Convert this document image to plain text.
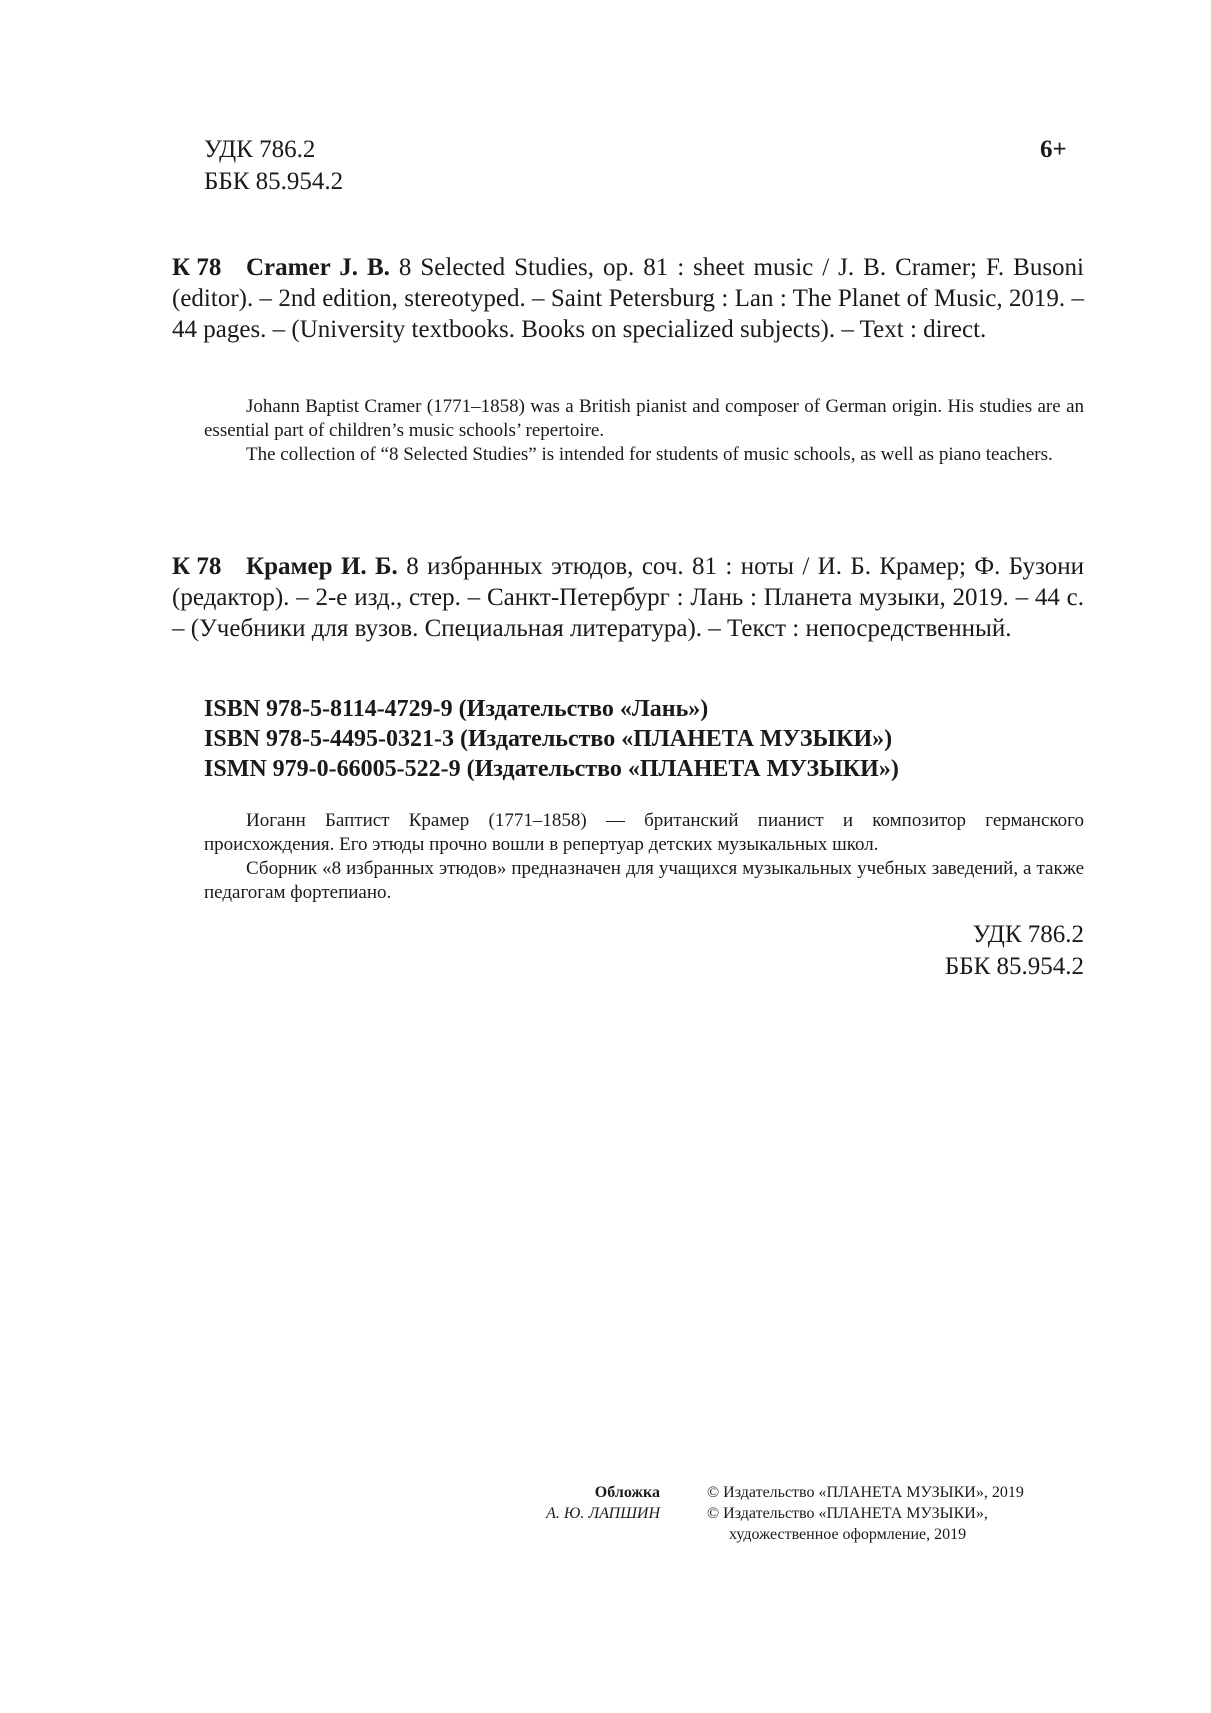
УДК 786.2
ББК 85.954.2
6+
К 78 Cramer J. B. 8 Selected Studies, op. 81 : sheet music / J. B. Cramer; F. Busoni (editor). – 2nd edition, stereotyped. – Saint Petersburg : Lan : The Planet of Music, 2019. – 44 pages. – (University textbooks. Books on specialized subjects). – Text : direct.

Johann Baptist Cramer (1771–1858) was a British pianist and composer of German origin. His studies are an essential part of children’s music schools’ repertoire.

The collection of “8 Selected Studies” is intended for students of music schools, as well as piano teachers.

К 78 Крамер И. Б. 8 избранных этюдов, соч. 81 : ноты / И. Б. Крамер; Ф. Бузони (редактор). – 2-е изд., стер. – Санкт-Петербург : Лань : Планета музыки, 2019. – 44 с. – (Учебники для вузов. Специальная литература). – Текст : непосредственный.
ISBN 978-5-8114-4729-9 (Издательство «Лань»)
ISBN 978-5-4495-0321-3 (Издательство «ПЛАНЕТА МУЗЫКИ»)
ISMN 979-0-66005-522-9 (Издательство «ПЛАНЕТА МУЗЫКИ»)

Иоганн Баптист Крамер (1771–1858) — британский пианист и композитор германского происхождения. Его этюды прочно вошли в репертуар детских музыкальных школ.

Сборник «8 избранных этюдов» предназначен для учащихся музыкальных учебных заведений, а также педагогам фортепиано.

УДК 786.2
ББК 85.954.2
Обложка
А. Ю. ЛАПШИН
© Издательство «ПЛАНЕТА МУЗЫКИ», 2019
© Издательство «ПЛАНЕТА МУЗЫКИ»,
художественное оформление, 2019
